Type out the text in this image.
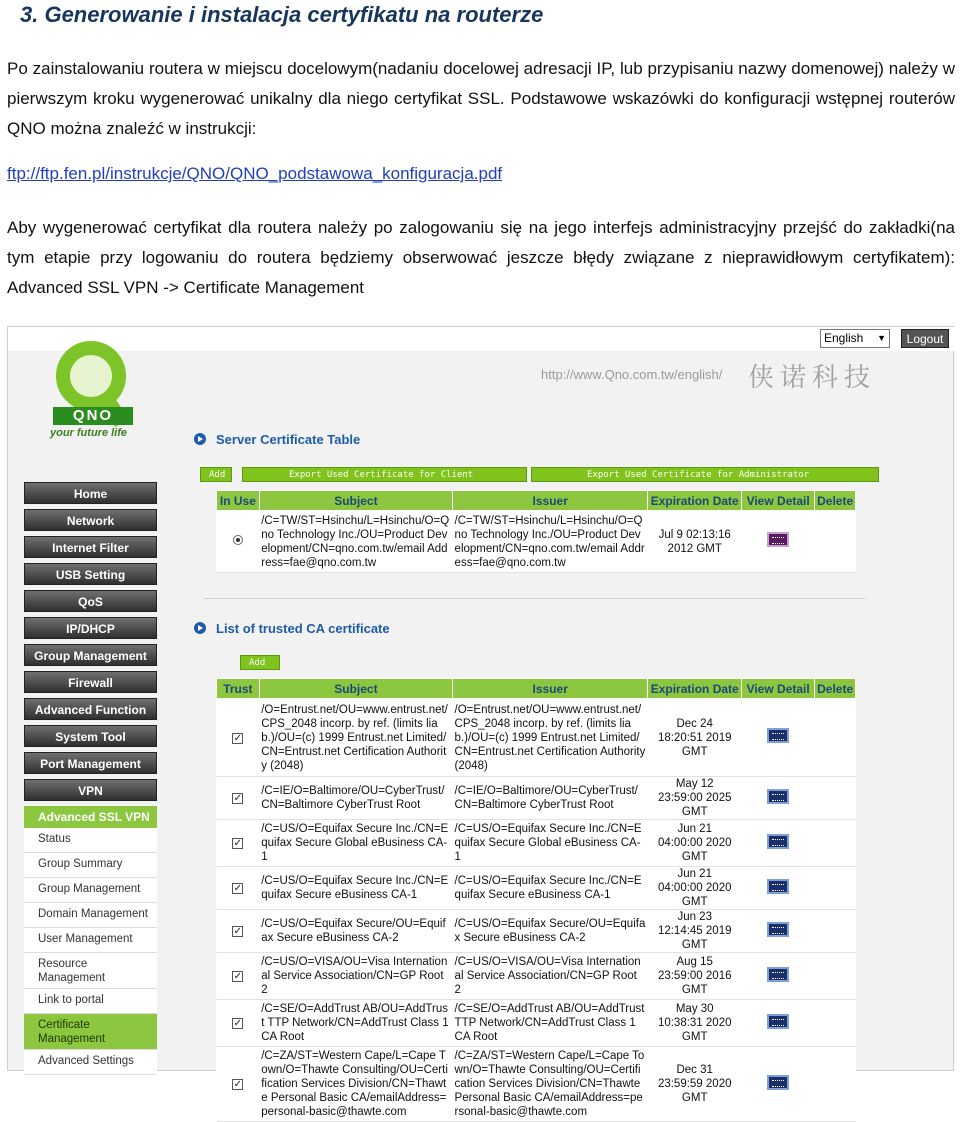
3. Generowanie i instalacja certyfikatu na routerze
Po zainstalowaniu routera w miejscu docelowym(nadaniu docelowej adresacji IP, lub przypisaniu nazwy domenowej) należy w pierwszym kroku wygenerować unikalny dla niego certyfikat SSL. Podstawowe wskazówki do konfiguracji wstępnej routerów QNO można znaleźć w instrukcji:
ftp://ftp.fen.pl/instrukcje/QNO/QNO_podstawowa_konfiguracja.pdf
Aby wygenerować certyfikat dla routera należy po zalogowaniu się na jego interfejs administracyjny przejść do zakładki(na tym etapie przy logowaniu do routera będziemy obserwować jeszcze błędy związane z nieprawidłowym certyfikatem): Advanced SSL VPN -> Certificate Management
English ▼	Logout
QNO
your future life
http://www.Qno.com.tw/english/ 侠诺科技
Home
Network
Internet Filter
USB Setting
QoS
IP/DHCP
Group Management
Firewall
Advanced Function
System Tool
Port Management
VPN
Advanced SSL VPN
Status
Group Summary
Group Management
Domain Management
User Management
Resource Management
Link to portal
Certificate Management
Advanced Settings
Server Certificate Table
Add	Export Used Certificate for Client	Export Used Certificate for Administrator
In Use	Subject	Issuer	Expiration Date	View Detail	Delete
	/C=TW/ST=Hsinchu/L=Hsinchu/O=Qno Technology Inc./OU=Product Development/CN=qno.com.tw/email Address=fae@qno.com.tw	/C=TW/ST=Hsinchu/L=Hsinchu/O=Qno Technology Inc./OU=Product Development/CN=qno.com.tw/email Address=fae@qno.com.tw	Jul 9 02:13:16 2012 GMT		
List of trusted CA certificate
Add
Trust	Subject	Issuer	Expiration Date	View Detail	Delete
✓	/O=Entrust.net/OU=www.entrust.net/CPS_2048 incorp. by ref. (limits liab.)/OU=(c) 1999 Entrust.net Limited/CN=Entrust.net Certification Authority (2048)	/O=Entrust.net/OU=www.entrust.net/CPS_2048 incorp. by ref. (limits liab.)/OU=(c) 1999 Entrust.net Limited/CN=Entrust.net Certification Authority (2048)	Dec 24 18:20:51 2019 GMT		
✓	/C=IE/O=Baltimore/OU=CyberTrust/CN=Baltimore CyberTrust Root	/C=IE/O=Baltimore/OU=CyberTrust/CN=Baltimore CyberTrust Root	May 12 23:59:00 2025 GMT		
✓	/C=US/O=Equifax Secure Inc./CN=Equifax Secure Global eBusiness CA-1	/C=US/O=Equifax Secure Inc./CN=Equifax Secure Global eBusiness CA-1	Jun 21 04:00:00 2020 GMT		
✓	/C=US/O=Equifax Secure Inc./CN=Equifax Secure eBusiness CA-1	/C=US/O=Equifax Secure Inc./CN=Equifax Secure eBusiness CA-1	Jun 21 04:00:00 2020 GMT		
✓	/C=US/O=Equifax Secure/OU=Equifax Secure eBusiness CA-2	/C=US/O=Equifax Secure/OU=Equifax Secure eBusiness CA-2	Jun 23 12:14:45 2019 GMT		
✓	/C=US/O=VISA/OU=Visa International Service Association/CN=GP Root 2	/C=US/O=VISA/OU=Visa International Service Association/CN=GP Root 2	Aug 15 23:59:00 2016 GMT		
✓	/C=SE/O=AddTrust AB/OU=AddTrust TTP Network/CN=AddTrust Class 1 CA Root	/C=SE/O=AddTrust AB/OU=AddTrust TTP Network/CN=AddTrust Class 1 CA Root	May 30 10:38:31 2020 GMT		
✓	/C=ZA/ST=Western Cape/L=Cape Town/O=Thawte Consulting/OU=Certification Services Division/CN=Thawte Personal Basic CA/emailAddress=personal-basic@thawte.com	/C=ZA/ST=Western Cape/L=Cape Town/O=Thawte Consulting/OU=Certification Services Division/CN=Thawte Personal Basic CA/emailAddress=personal-basic@thawte.com	Dec 31 23:59:59 2020 GMT		
